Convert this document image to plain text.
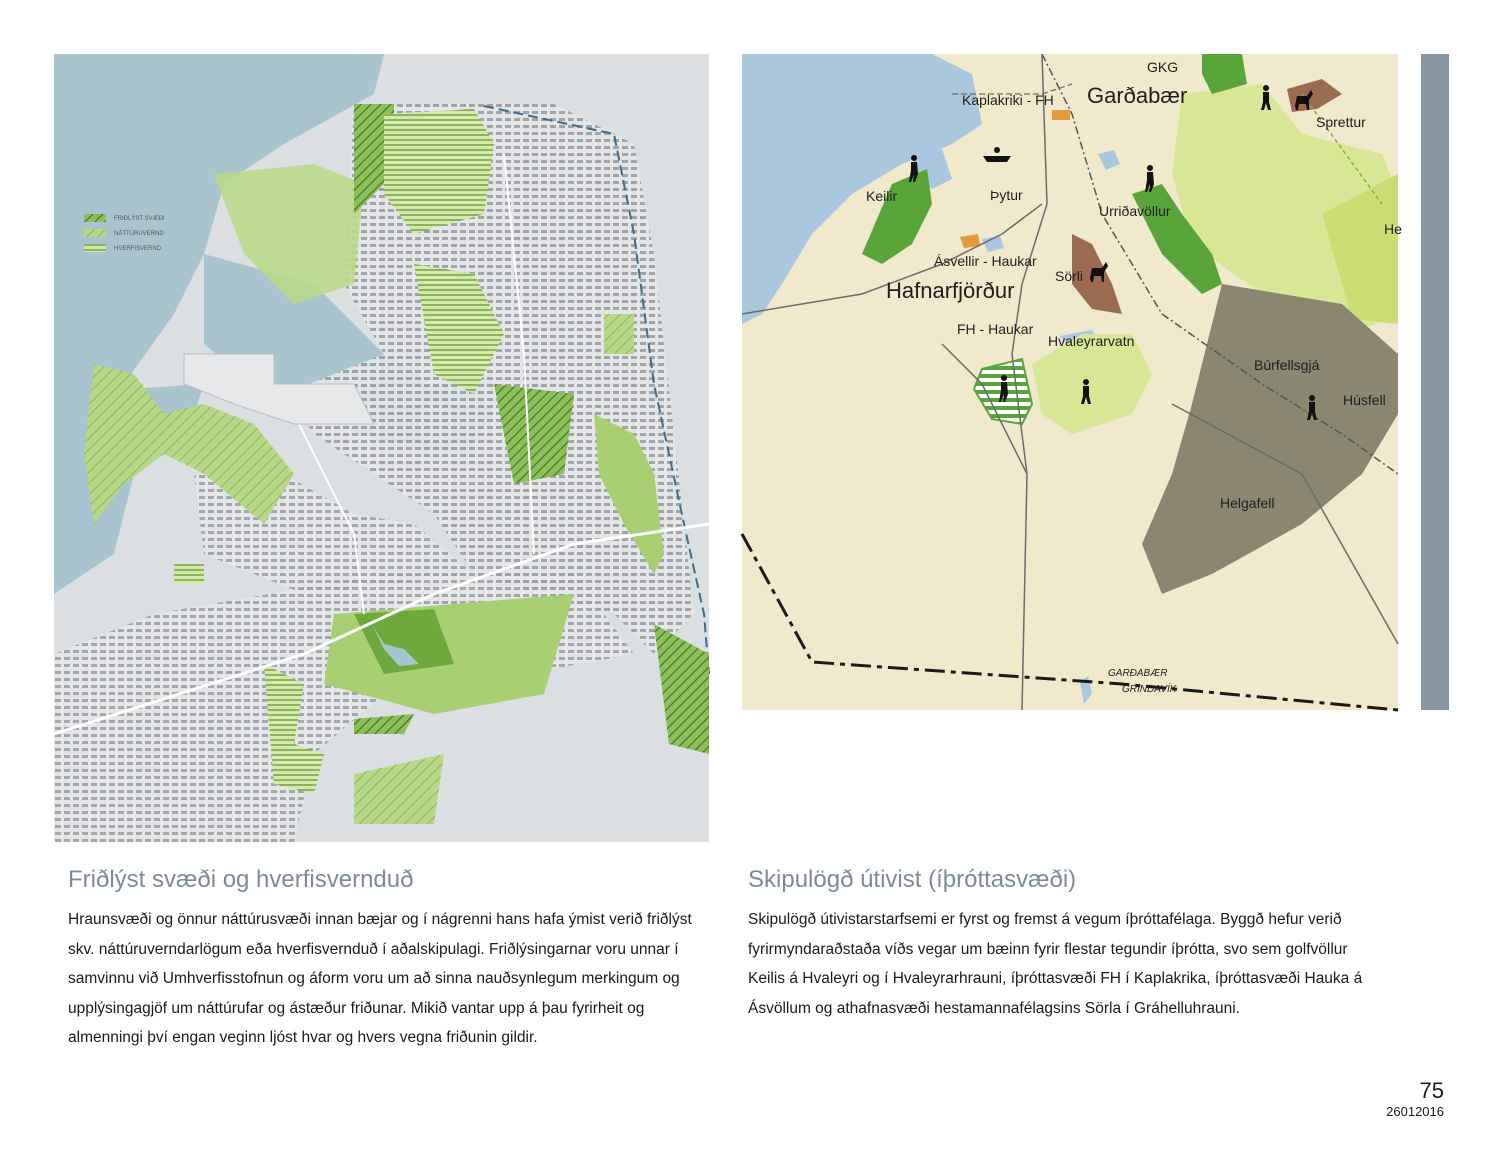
FRIÐLÝST SVÆÐI
NÁTTÚRUVERND
HVERFISVERND
GKG
Garðabær
Kaplakriki - FH
Sprettur
Keilir	Þytur
Urriðavöllur
He
Ásvellir - Haukar
Sörli
Hafnarfjörður
FH - Haukar
Hvaleyrarvatn
Búrfellsgjá
Húsfell
Helgafell
GARÐABÆR
GRINDAVÍK
Friðlýst svæði og hverfisvernduð

Hraunsvæði og önnur náttúrusvæði innan bæjar og í nágrenni hans hafa ýmist verið friðlýst skv. náttúruverndarlögum eða hverfisvernduð í aðalskipulagi. Friðlýsingarnar voru unnar í samvinnu við Umhverfisstofnun og áform voru um að sinna nauðsynlegum merkingum og upplýsingagjöf um náttúrufar og ástæður friðunar. Mikið vantar upp á þau fyrirheit og almenningi því engan veginn ljóst hvar og hvers vegna friðunin gildir.

Skipulögð útivist (íþróttasvæði)

Skipulögð útivistarstarfsemi er fyrst og fremst á vegum íþróttafélaga. Byggð hefur verið fyrirmyndaraðstaða víðs vegar um bæinn fyrir flestar tegundir íþrótta, svo sem golfvöllur Keilis á Hvaleyri og í Hvaleyrarhrauni, íþróttasvæði FH í Kaplakrika, íþróttasvæði Hauka á Ásvöllum og athafnasvæði hestamannafélagsins Sörla í Gráhelluhrauni.

75
26012016
